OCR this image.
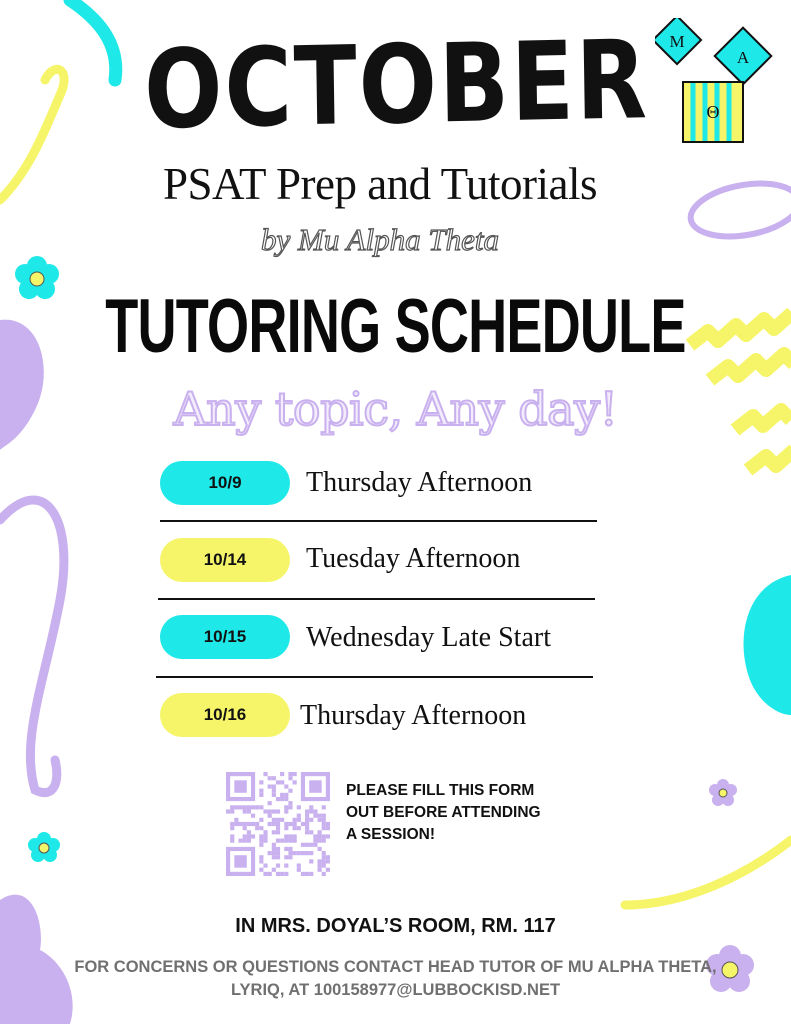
M
A
Θ
OCTOBER
PSAT Prep and Tutorials
by Mu Alpha Theta
TUTORING SCHEDULE
Any topic, Any day!
10/9	Thursday Afternoon
10/14	Tuesday Afternoon
10/15	Wednesday Late Start
10/16	Thursday Afternoon
PLEASE FILL THIS FORM OUT BEFORE ATTENDING A SESSION!
IN MRS. DOYAL’S ROOM, RM. 117
FOR CONCERNS OR QUESTIONS CONTACT HEAD TUTOR OF MU ALPHA THETA, LYRIQ, AT 100158977@LUBBOCKISD.NET
